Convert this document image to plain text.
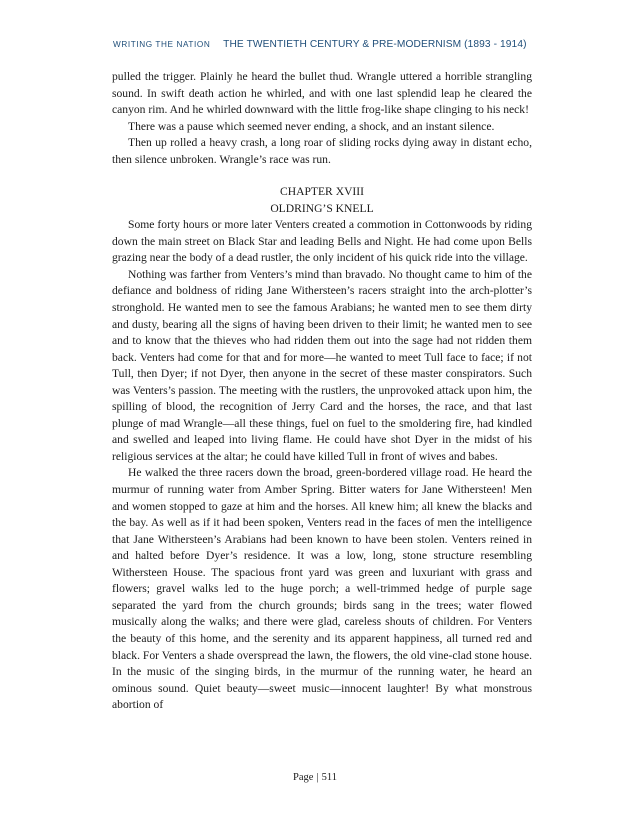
WRITING THE NATION THE TWENTIETH CENTURY & PRE-MODERNISM (1893 - 1914)

pulled the trigger. Plainly he heard the bullet thud. Wrangle uttered a horrible strangling sound. In swift death action he whirled, and with one last splendid leap he cleared the canyon rim. And he whirled downward with the little frog-like shape clinging to his neck!

There was a pause which seemed never ending, a shock, and an instant silence.

Then up rolled a heavy crash, a long roar of sliding rocks dying away in distant echo, then silence unbroken. Wrangle’s race was run.

CHAPTER XVIII
OLDRING’S KNELL

Some forty hours or more later Venters created a commotion in Cottonwoods by riding down the main street on Black Star and leading Bells and Night. He had come upon Bells grazing near the body of a dead rustler, the only incident of his quick ride into the village.

Nothing was farther from Venters’s mind than bravado. No thought came to him of the defiance and boldness of riding Jane Withersteen’s racers straight into the arch-plotter’s stronghold. He wanted men to see the famous Arabians; he wanted men to see them dirty and dusty, bearing all the signs of having been driven to their limit; he wanted men to see and to know that the thieves who had ridden them out into the sage had not ridden them back. Venters had come for that and for more—he wanted to meet Tull face to face; if not Tull, then Dyer; if not Dyer, then anyone in the secret of these master conspirators. Such was Venters’s passion. The meeting with the rustlers, the unprovoked attack upon him, the spilling of blood, the recognition of Jerry Card and the horses, the race, and that last plunge of mad Wrangle—all these things, fuel on fuel to the smoldering fire, had kindled and swelled and leaped into living flame. He could have shot Dyer in the midst of his religious services at the altar; he could have killed Tull in front of wives and babes.

He walked the three racers down the broad, green-bordered village road. He heard the murmur of running water from Amber Spring. Bitter waters for Jane Withersteen! Men and women stopped to gaze at him and the horses. All knew him; all knew the blacks and the bay. As well as if it had been spoken, Venters read in the faces of men the intelligence that Jane Withersteen’s Arabians had been known to have been stolen. Venters reined in and halted before Dyer’s residence. It was a low, long, stone structure resembling Withersteen House. The spacious front yard was green and luxuriant with grass and flowers; gravel walks led to the huge porch; a well-trimmed hedge of purple sage separated the yard from the church grounds; birds sang in the trees; water flowed musically along the walks; and there were glad, careless shouts of children. For Venters the beauty of this home, and the serenity and its apparent happiness, all turned red and black. For Venters a shade overspread the lawn, the flowers, the old vine-clad stone house. In the music of the singing birds, in the murmur of the running water, he heard an ominous sound. Quiet beauty—sweet music—innocent laughter! By what monstrous abortion of

Page | 511
